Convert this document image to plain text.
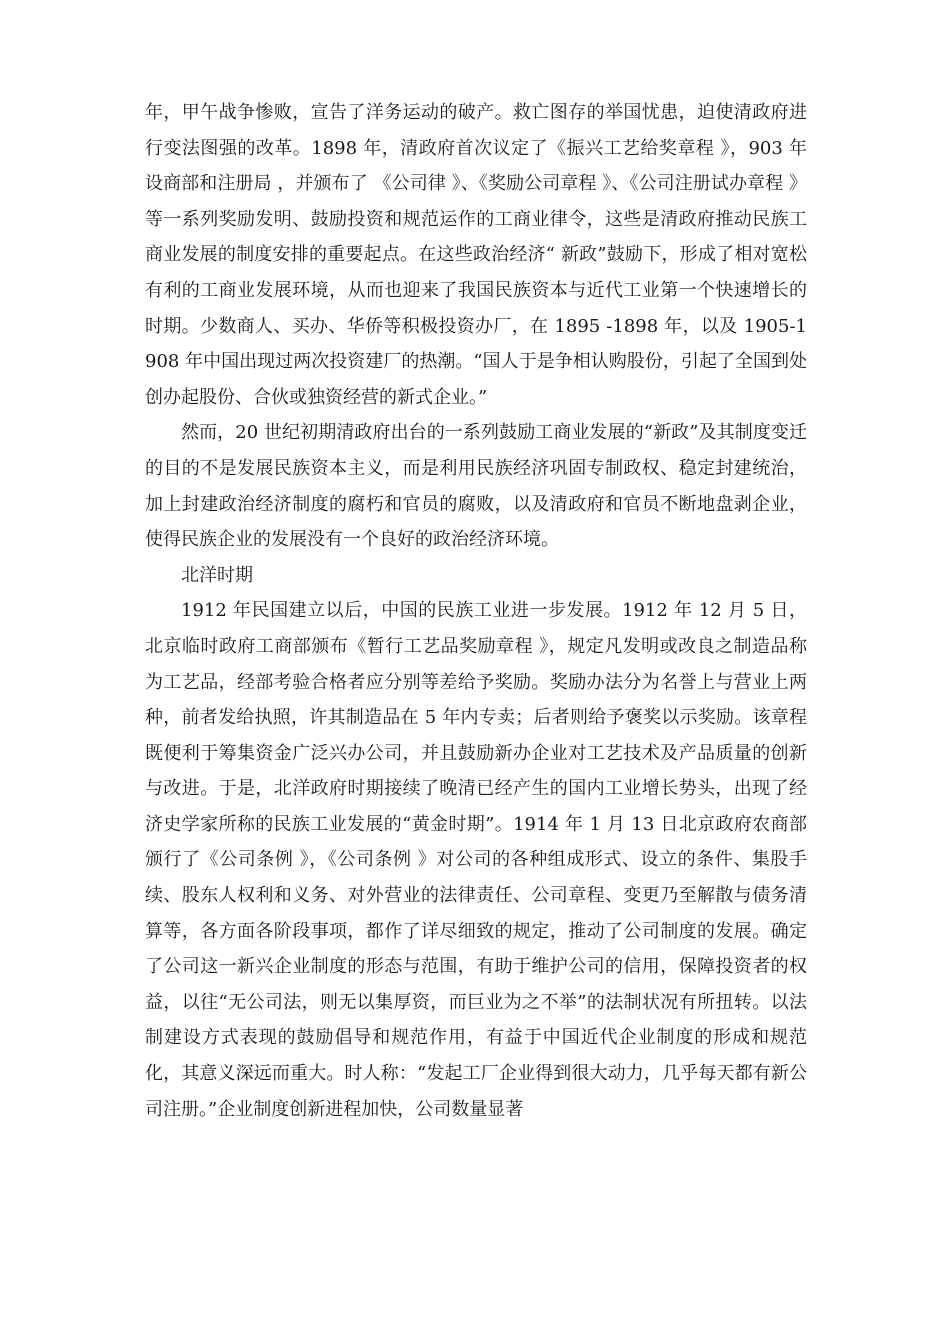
年，甲午战争惨败，宣告了洋务运动的破产。救亡图存的举国忧患，迫使清政府进行变法图强的改革。1898 年，清政府首次议定了《振兴工艺给奖章程 》，903 年设商部和注册局 ，并颁布了 《公司律 》、《奖励公司章程 》、《公司注册试办章程 》等一系列奖励发明、鼓励投资和规范运作的工商业律令，这些是清政府推动民族工商业发展的制度安排的重要起点。在这些政治经济“ 新政”鼓励下，形成了相对宽松有利的工商业发展环境，从而也迎来了我国民族资本与近代工业第一个快速增长的时期。少数商人、买办、华侨等积极投资办厂，在 1895 -1898 年，以及 1905-1908 年中国出现过两次投资建厂的热潮。“国人于是争相认购股份，引起了全国到处创办起股份、合伙或独资经营的新式企业。”

然而，20 世纪初期清政府出台的一系列鼓励工商业发展的“新政”及其制度变迁的目的不是发展民族资本主义，而是利用民族经济巩固专制政权、稳定封建统治，加上封建政治经济制度的腐朽和官员的腐败，以及清政府和官员不断地盘剥企业，使得民族企业的发展没有一个良好的政治经济环境。

北洋时期

1912 年民国建立以后，中国的民族工业进一步发展。1912 年 12 月 5 日，北京临时政府工商部颁布《暂行工艺品奖励章程 》，规定凡发明或改良之制造品称为工艺品，经部考验合格者应分别等差给予奖励。奖励办法分为名誉上与营业上两种，前者发给执照，许其制造品在 5 年内专卖；后者则给予褒奖以示奖励。该章程既便利于筹集资金广泛兴办公司，并且鼓励新办企业对工艺技术及产品质量的创新与改进。于是，北洋政府时期接续了晚清已经产生的国内工业增长势头，出现了经济史学家所称的民族工业发展的“黄金时期”。1914 年 1 月 13 日北京政府农商部颁行了《公司条例 》，《公司条例 》对公司的各种组成形式、设立的条件、集股手续、股东人权利和义务、对外营业的法律责任、公司章程、变更乃至解散与债务清算等，各方面各阶段事项，都作了详尽细致的规定，推动了公司制度的发展。确定了公司这一新兴企业制度的形态与范围，有助于维护公司的信用，保障投资者的权益，以往“无公司法，则无以集厚资，而巨业为之不举”的法制状况有所扭转。以法制建设方式表现的鼓励倡导和规范作用，有益于中国近代企业制度的形成和规范化，其意义深远而重大。时人称：“发起工厂企业得到很大动力，几乎每天都有新公司注册。”企业制度创新进程加快，公司数量显著
